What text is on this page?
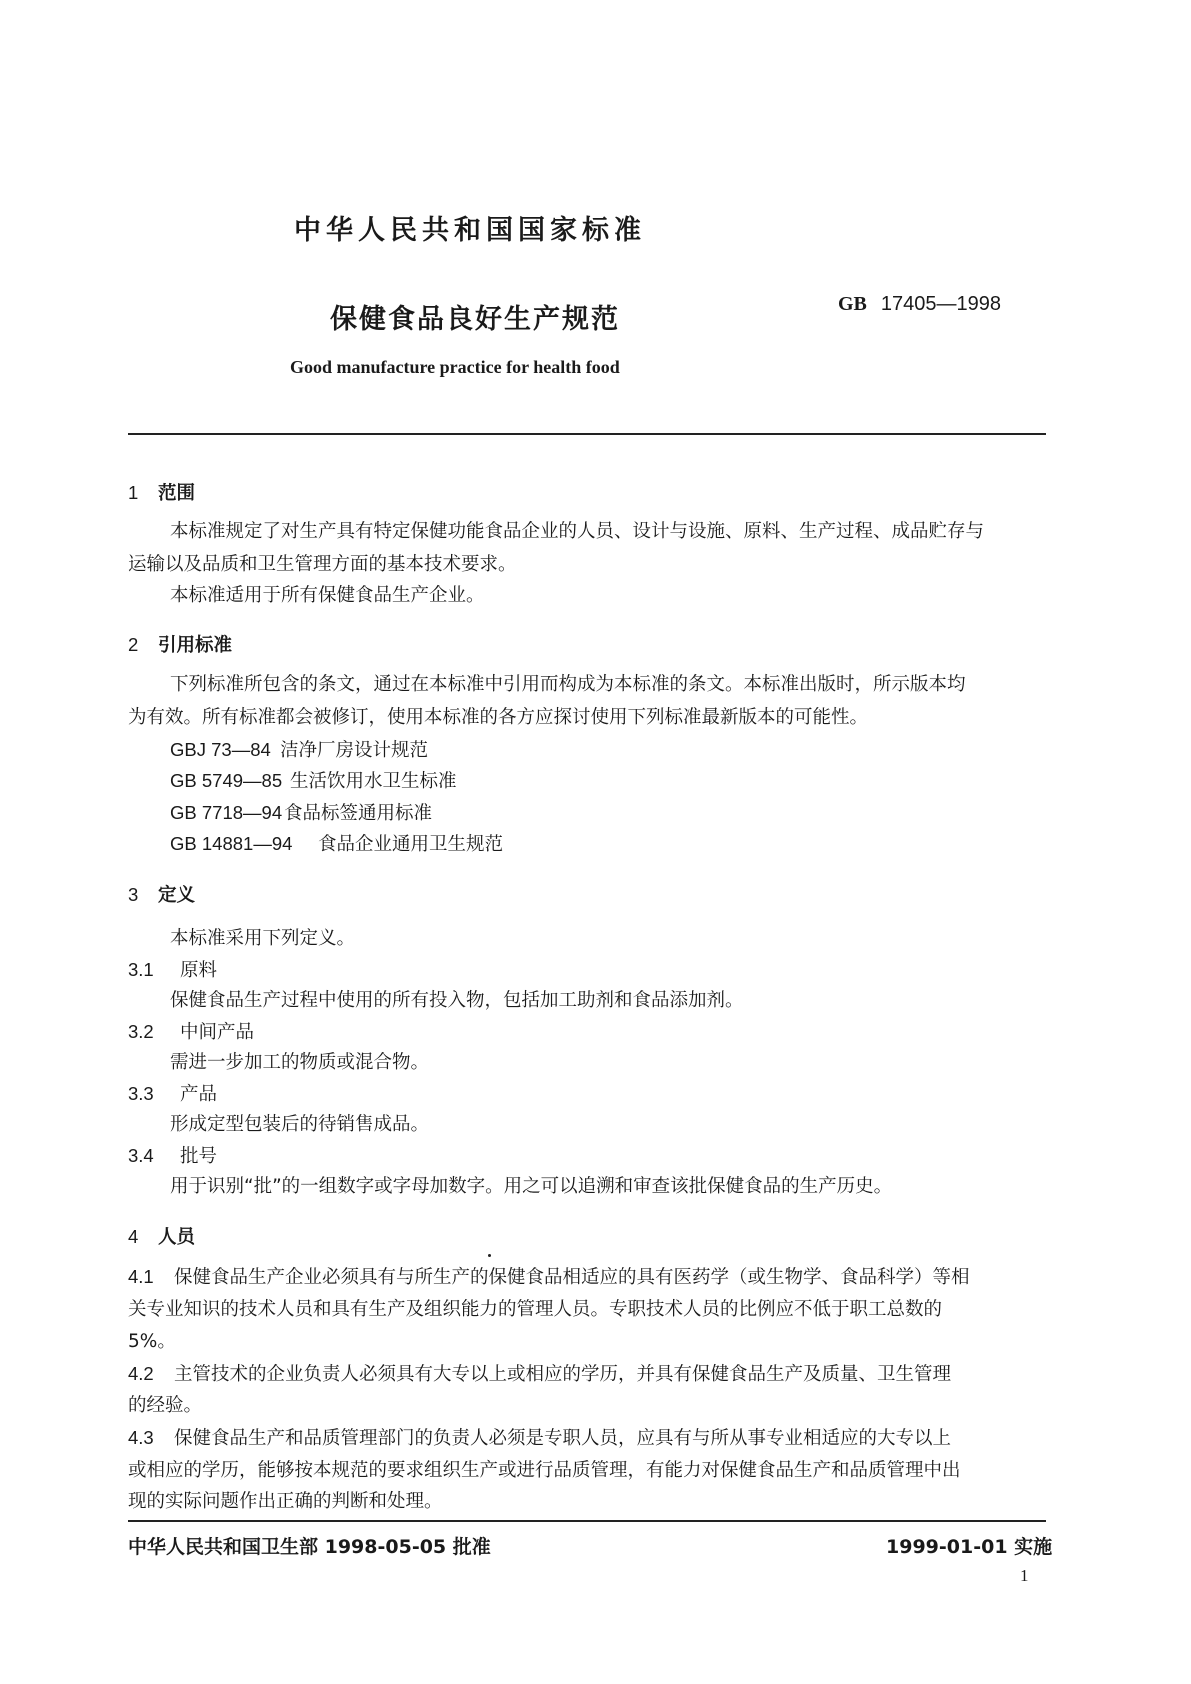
中华人民共和国国家标准
保健食品良好生产规范	GB 17405—1998
Good manufacture practice for health food
1 范围
本标准规定了对生产具有特定保健功能食品企业的人员、设计与设施、原料、生产过程、成品贮存与
运输以及品质和卫生管理方面的基本技术要求。
本标准适用于所有保健食品生产企业。
2 引用标准
下列标准所包含的条文，通过在本标准中引用而构成为本标准的条文。本标准出版时，所示版本均
为有效。所有标准都会被修订，使用本标准的各方应探讨使用下列标准最新版本的可能性。
GBJ 73—84 洁净厂房设计规范
GB 5749—85 生活饮用水卫生标准
GB 7718—94 食品标签通用标准
GB 14881—94 食品企业通用卫生规范
3 定义
本标准采用下列定义。
3.1 原料
保健食品生产过程中使用的所有投入物，包括加工助剂和食品添加剂。
3.2 中间产品
需进一步加工的物质或混合物。
3.3 产品
形成定型包装后的待销售成品。
3.4 批号
用于识别“批”的一组数字或字母加数字。用之可以追溯和审查该批保健食品的生产历史。
4 人员
4.1 保健食品生产企业必须具有与所生产的保健食品相适应的具有医药学（或生物学、食品科学）等相
关专业知识的技术人员和具有生产及组织能力的管理人员。专职技术人员的比例应不低于职工总数的
5%。
4.2 主管技术的企业负责人必须具有大专以上或相应的学历，并具有保健食品生产及质量、卫生管理
的经验。
4.3 保健食品生产和品质管理部门的负责人必须是专职人员，应具有与所从事专业相适应的大专以上
或相应的学历，能够按本规范的要求组织生产或进行品质管理，有能力对保健食品生产和品质管理中出
现的实际问题作出正确的判断和处理。
中华人民共和国卫生部 1998-05-05 批准	1999-01-01 实施
1
